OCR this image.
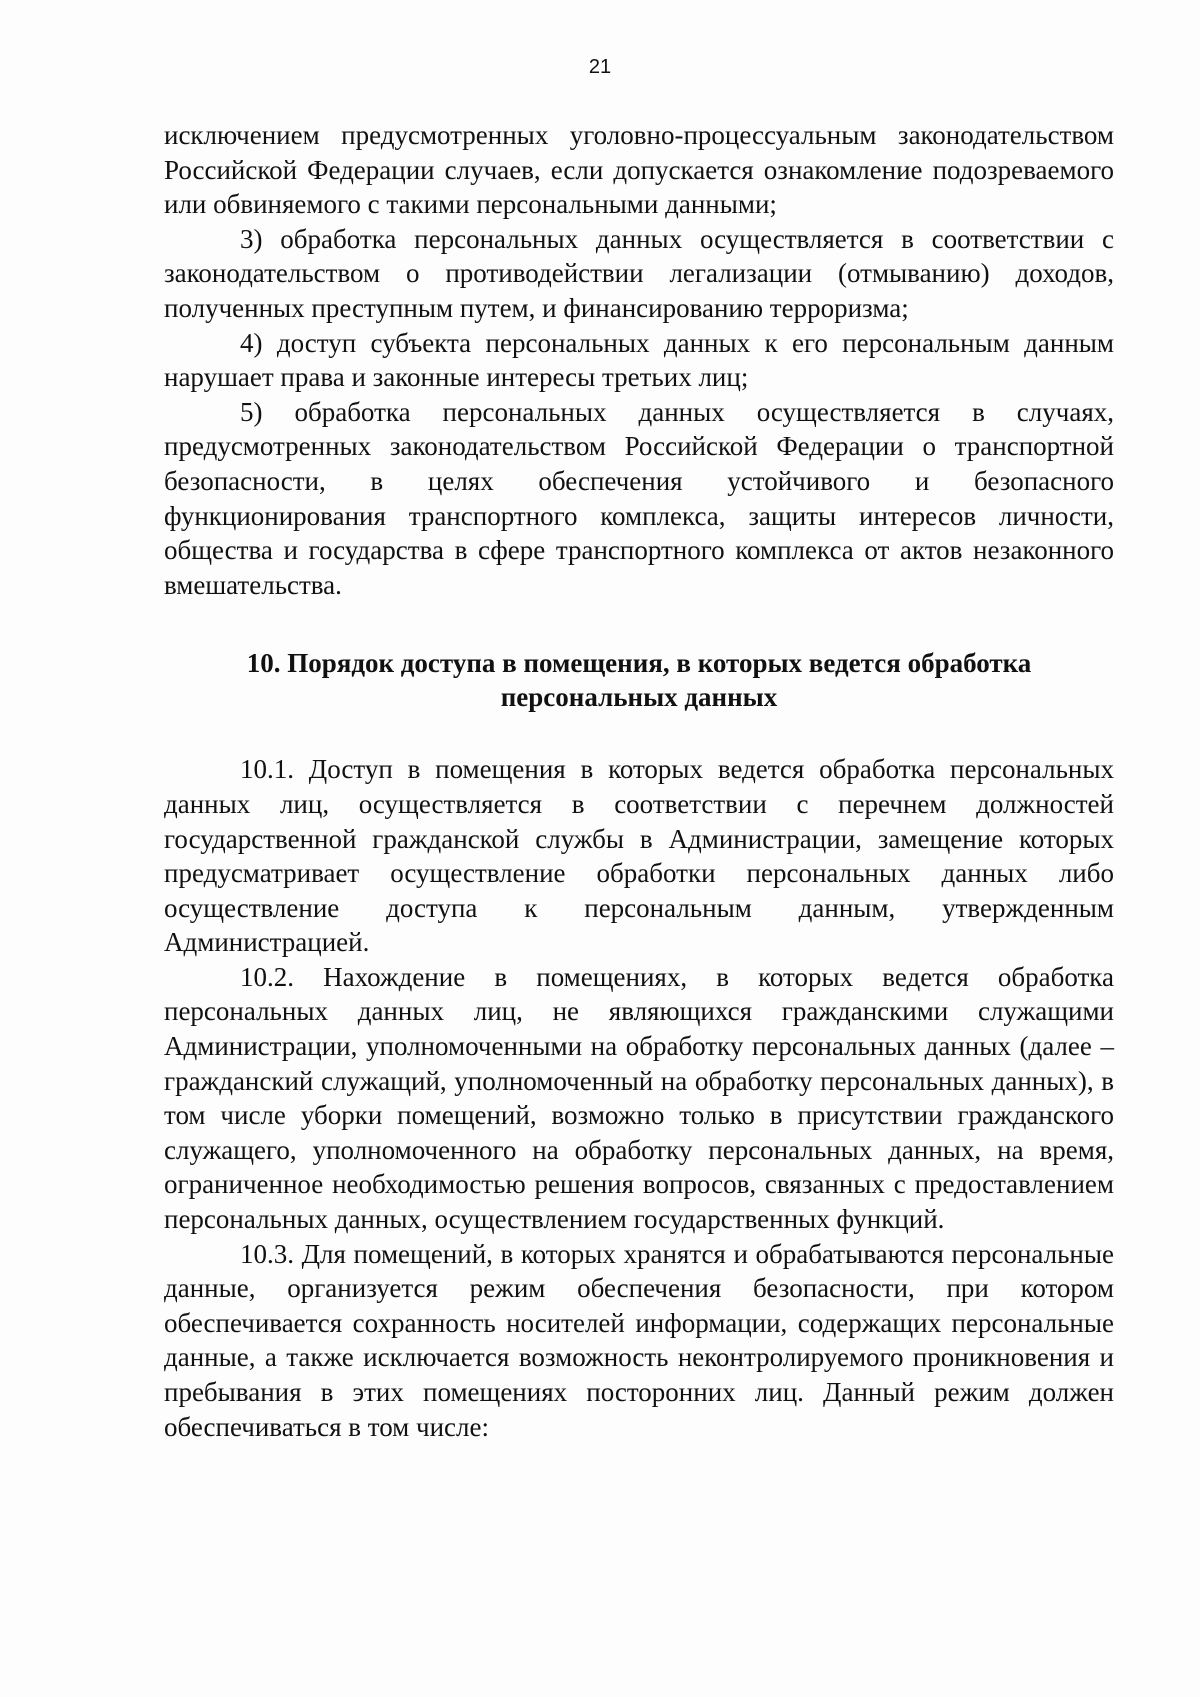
21

исключением предусмотренных уголовно-процессуальным законодательством Российской Федерации случаев, если допускается ознакомление подозреваемого или обвиняемого с такими персональными данными;

3) обработка персональных данных осуществляется в соответствии с законодательством о противодействии легализации (отмыванию) доходов, полученных преступным путем, и финансированию терроризма;

4) доступ субъекта персональных данных к его персональным данным нарушает права и законные интересы третьих лиц;

5) обработка персональных данных осуществляется в случаях, предусмотренных законодательством Российской Федерации о транспортной безопасности, в целях обеспечения устойчивого и безопасного функционирования транспортного комплекса, защиты интересов личности, общества и государства в сфере транспортного комплекса от актов незаконного вмешательства.

10. Порядок доступа в помещения, в которых ведется обработка персональных данных

10.1. Доступ в помещения в которых ведется обработка персональных данных лиц, осуществляется в соответствии с перечнем должностей государственной гражданской службы в Администрации, замещение которых предусматривает осуществление обработки персональных данных либо осуществление доступа к персональным данным, утвержденным Администрацией.

10.2. Нахождение в помещениях, в которых ведется обработка персональных данных лиц, не являющихся гражданскими служащими Администрации, уполномоченными на обработку персональных данных (далее – гражданский служащий, уполномоченный на обработку персональных данных), в том числе уборки помещений, возможно только в присутствии гражданского служащего, уполномоченного на обработку персональных данных, на время, ограниченное необходимостью решения вопросов, связанных с предоставлением персональных данных, осуществлением государственных функций.

10.3. Для помещений, в которых хранятся и обрабатываются персональные данные, организуется режим обеспечения безопасности, при котором обеспечивается сохранность носителей информации, содержащих персональные данные, а также исключается возможность неконтролируемого проникновения и пребывания в этих помещениях посторонних лиц. Данный режим должен обеспечиваться в том числе:
